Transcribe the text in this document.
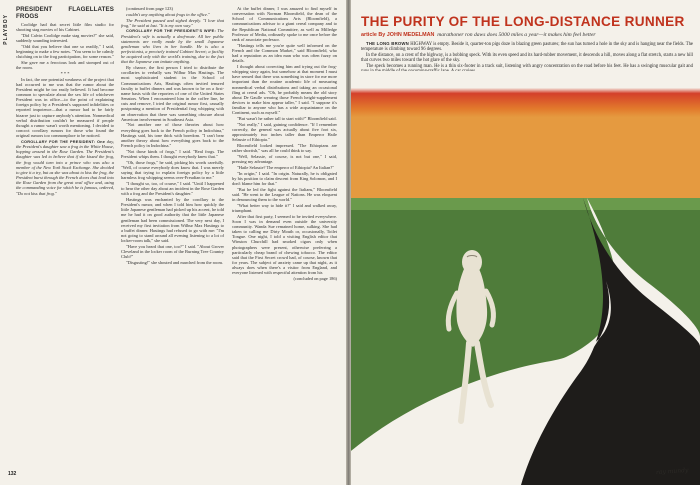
PLAYBOY
PRESIDENT FLAGELLATES FROGS

Coolidge had that secret little film studio for shooting stag movies of his Cabinet.

"Did Calvin Coolidge make stag movies?" she said, suddenly sounding interested.

"Odd that you believe that one so readily," I said, beginning to make a few notes. "You seem to be calmly clutching on to the frog participation, for some reason."

She gave me a ferocious look and stomped out of the room.

* * *

In fact, the one potential weakness of the project that had occurred to me was that the rumor about the President might be too easily believed. It had become common to speculate about the sex life of whichever President was in office—to the point of explaining foreign policy by a President's supposed infidelities or reported impotence—that a rumor had to be fairly bizarre just to capture anybody's attention. Nonmedical verbal distribution couldn't be measured if people thought a rumor wasn't worth mentioning. I decided to concoct corollary rumors for those who found the original rumors too commonplace to be noticed.

COROLLARY FOR THE PRESIDENT: One day, the President's daughter saw a frog in the White House, hopping around in the Rose Garden. The President's daughter was led to believe that if she kissed the frog, the frog would turn into a prince who was also a member of the New York Stock Exchange. She decided to give it a try, but as she was about to kiss the frog, the President burst through the French doors that lead into the Rose Garden from the great oval office and, using the commanding voice for which he is famous, ordered, "Do not kiss that frog."

(continued from page 123)

couldn't any anything about frogs in the office."

The President paused and sighed deeply. "I love that frog," he said at last. "It is my own way."

COROLLARY FOR THE PRESIDENT'S WIFE: The President's wife is actually a deaf-mute. All her public statements are really made by the small Japanese gentleman who lives in her handle. He is also a perfectionist, a precisely trained Cabinet Secret; a facility he acquired only with the world's training, due to the fact that the Japanese can imitate anything.

By chance, the first person I tried to distribute the corollaries to verbally was Wilbur Max Hastings. The most sophisticated student in the School of Communications Arts, Hastings often invited tenured faculty to buffet dinners and was known to be on a first-name basis with the reporters of one of the United States Senators. When I encountered him in the coffee line, he cuts and remove, I tried the original rumor first, casually postponing a mention of Presidential frog whipping with an observation that there was something obscure about American involvement in Southeast Asia.

"Not another one of those theories about how everything goes back to the French policy in Indochina," Hastings said, his tone thick with boredom. "I can't bear another theory about how everything goes back to the French policy in Indochina."

"Not those kinds of frogs," I said. "Real frogs. The President whips them. I thought everybody knew that."

"Oh, those frogs," he said, picking his words carefully. "Well, of course everybody does know that. I was merely saying that trying to explain foreign policy by a little harmless frog whipping seems over-Freudian to me."

"I thought so, too, of course," I said. "Until I happened to hear the other day about an incident in the Rose Garden with a frog and the President's daughter."

Hastings was enchanted by the corollary to the President's rumor, and when I told him how quickly the little Japanese gentleman had picked up his accent, he told me he had it on good authority that the little Japanese gentleman had been commissioned. The very next day, I received my first invitation from Wilbur Max Hastings to a buffet dinner. Hastings had refused to go with me: "I'm not going to stand around all evening listening to a lot of locker-room talk," she said.

"Have you heard that one, too?" I said. "About Grover Cleveland in the locker room of the Burning Tree Country Club?"

"Disgusting!" she shouted and marched from the room.

At the buffet dinner, I was amazed to find myself in conversation with Norman Bloomfield, the dean of the School of Communications Arts (Bloomfield), a communications advisor to a giant cereal company and to the Republican National Committee, as well as Milledge Professor of Media, ordinarily spoke to me once before the rank of associate professor.

"Hastings tells me you're quite well informed on the French and the Common Market," said Bloomfield, who had a reputation as an idea man who was often fuzzy on details.

I thought about correcting him and trying out the frog-whipping story again, but somehow at that moment I must have sensed that there was something in store for me more important than the routine academic life of measuring nonmedical verbal distributions and taking an occasional fling at cereal ads. "Oh, he probably means the old story about De Gaulle wearing those French height-supplement devices to make him appear taller," I said. "I suppose it's familiar to anyone who has a wide acquaintance on the Continent, such as myself."

"But wasn't he rather tall to start with?" Bloomfield said.

"Not really," I said, gaining confidence. "If I remember correctly, the general was actually about five foot six, approximately two inches taller than Emperor Haile Selassie of Ethiopia."

Bloomfield looked impressed. "The Ethiopians are rather shortish," was all he could think to say.

"Well, Selassie, of course, is not but one," I said, pressing my advantage.

"Haile Selassie? The emperor of Ethiopia? An Italian?"

"In origin," I said. "In origin. Naturally, he is obligated by his position to claim descent from King Solomon, and I don't blame him for that."

"But he led the fight against the Italians," Bloomfield said. "He went to the League of Nations. He was eloquent in denouncing them to the world."

"What better way to hide it?" I said and walked away, triumphant.

After that first party, I seemed to be invited everywhere. Soon I was in demand even outside the university community. Wanda Sue remained home, sulking. She had taken to calling me Dirty Mouth or, occasionally, Toilet Tongue. One night, I told a visiting English editor that Winston Churchill had smoked cigars only when photographers were present, otherwise preferring a particularly cheap brand of chewing tobacco. The editor said that the First Secret crowd had, of course, known that for years. The subject of anxiety came up that night, as it always does when there's a visitor from England, and everyone listened with respectful attention from his

(concluded on page 186)

132
THE PURITY OF THE LONG-DISTANCE RUNNER
article By JOHN MEDELMAN marathoner ron daws does 5000 miles a year—it makes him feel better

THE LONG BROWN HIGHWAY is empty. Beside it, quarter-ton pigs doze in blazing green pastures; the sun has turned a hole in the sky and is hanging near the fields. The temperature is climbing toward 96 degrees.

In the distance, on a crest of the highway, is a bobbing speck. With its even speed and its hard-rubber movement, it descends a hill, moves along a flat stretch, starts a new hill that curves two miles toward the hot glare of the sky.

The speck becomes a running man. He is a thin six-footer in a track suit, listening with angry concentration on the road before his feet. He has a swinging muscular gait and

ray mundy
